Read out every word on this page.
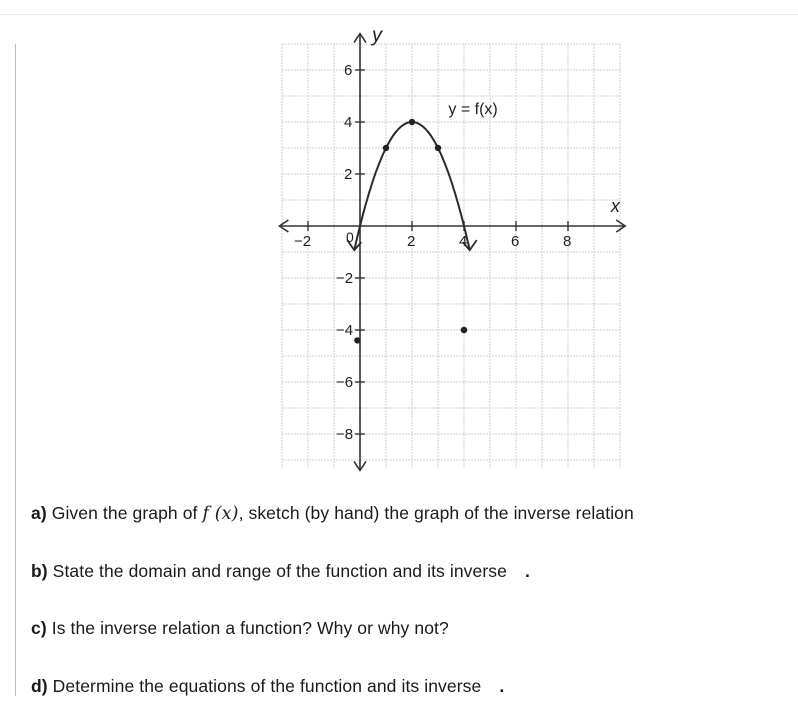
y
x
y = f(x)
0
−2	2	4	6	8
6
4
2
−2
−4
−6
−8
a) Given the graph of f (x), sketch (by hand) the graph of the inverse relation
b) State the domain and range of the function and its inverse .
c) Is the inverse relation a function? Why or why not?
d) Determine the equations of the function and its inverse .
